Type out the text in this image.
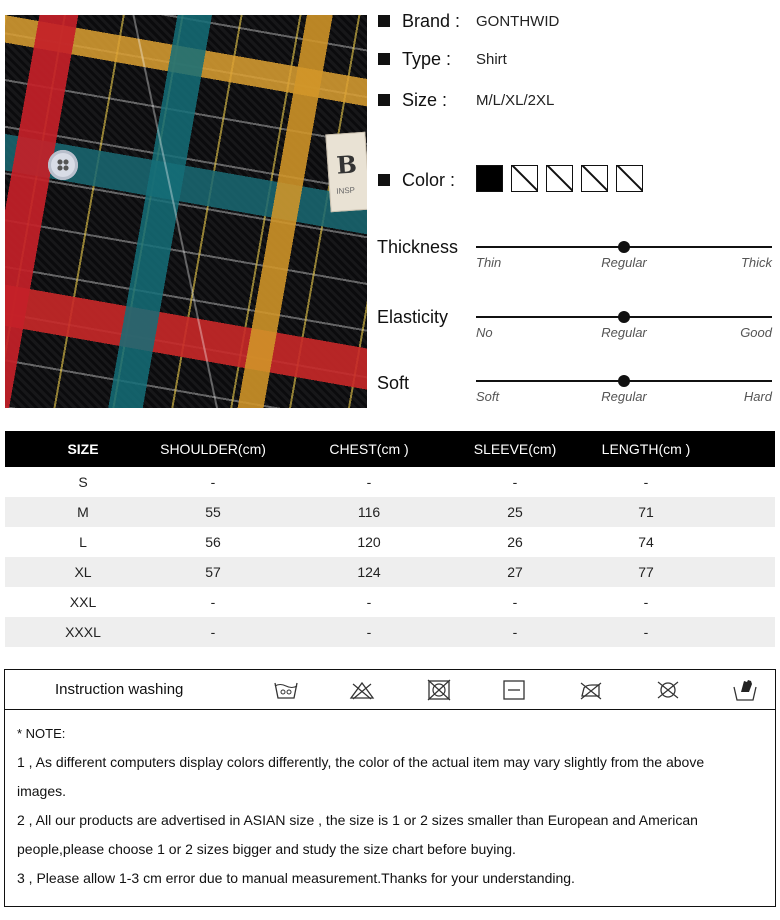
B INSP
Brand : GONTHWID
Type : Shirt
Size : M/L/XL/2XL
Color :
Thickness
Thin	Regular	Thick
Elasticity
No	Regular	Good
Soft
Soft	Regular	Hard
SIZE	SHOULDER(cm)	CHEST(cm )	SLEEVE(cm)	LENGTH(cm )
S	-	-	-	-
M	55	116	25	71
L	56	120	26	74
XL	57	124	27	77
XXL	-	-	-	-
XXXL	-	-	-	-
Instruction washing
* NOTE:
1 , As different computers display colors differently, the color of the actual item may vary slightly from the above
images.
2 , All our products are advertised in ASIAN size , the size is 1 or 2 sizes smaller than European and American
people,please choose 1 or 2 sizes bigger and study the size chart before buying.
3 , Please allow 1-3 cm error due to manual measurement.Thanks for your understanding.
